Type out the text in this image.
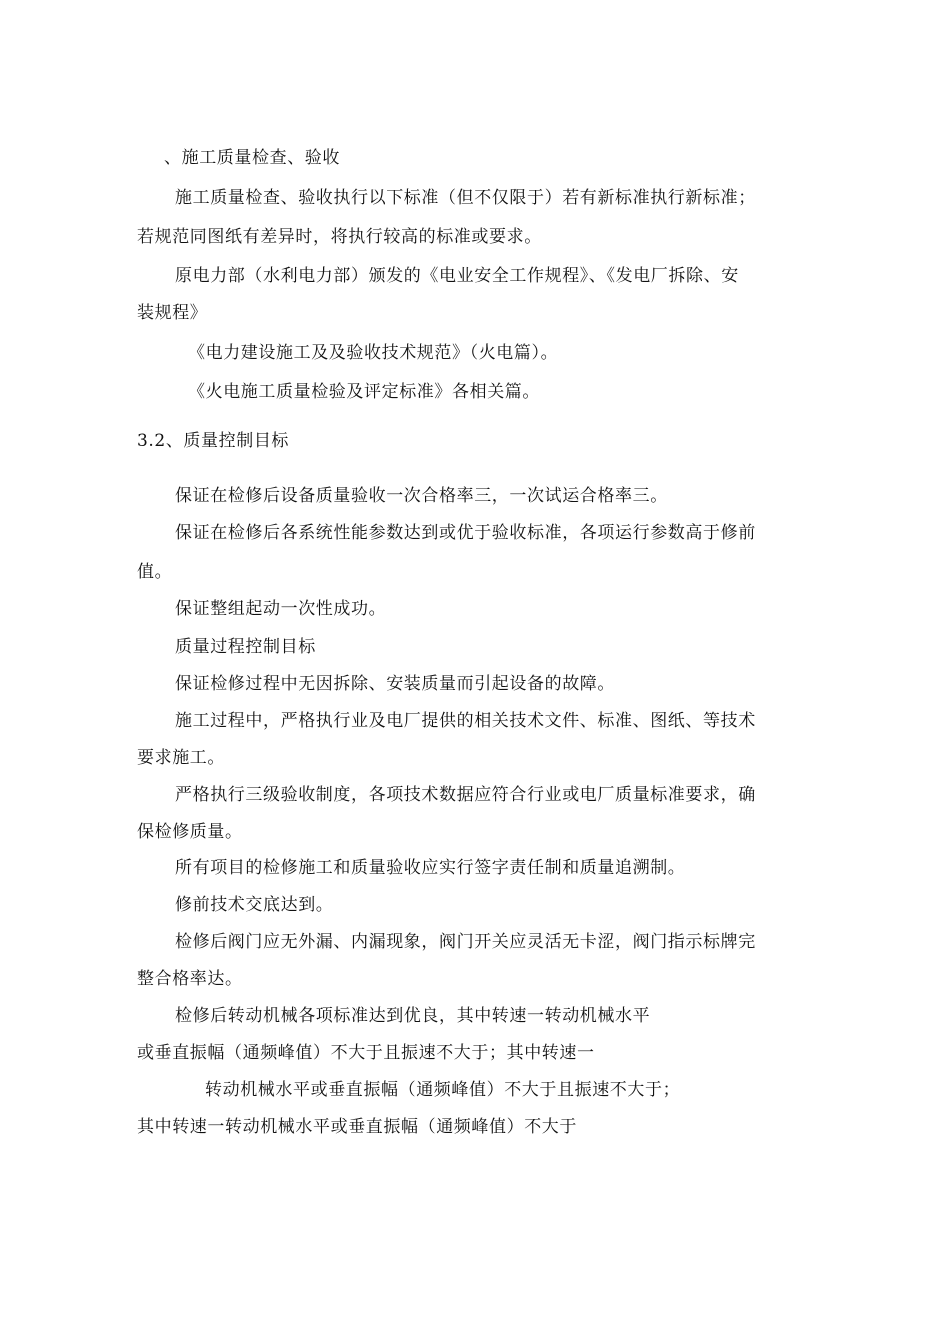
、施工质量检查、验收
施工质量检查、验收执行以下标准（但不仅限于）若有新标准执行新标准；
若规范同图纸有差异时，将执行较高的标准或要求。
原电力部（水利电力部）颁发的《电业安全工作规程》、《发电厂拆除、安
装规程》
《电力建设施工及及验收技术规范》（火电篇）。
《火电施工质量检验及评定标准》各相关篇。
3.2、质量控制目标
保证在检修后设备质量验收一次合格率三，一次试运合格率三。
保证在检修后各系统性能参数达到或优于验收标准，各项运行参数高于修前
值。
保证整组起动一次性成功。
质量过程控制目标
保证检修过程中无因拆除、安装质量而引起设备的故障。
施工过程中，严格执行业及电厂提供的相关技术文件、标准、图纸、等技术
要求施工。
严格执行三级验收制度，各项技术数据应符合行业或电厂质量标准要求，确
保检修质量。
所有项目的检修施工和质量验收应实行签字责任制和质量追溯制。
修前技术交底达到。
检修后阀门应无外漏、内漏现象，阀门开关应灵活无卡涩，阀门指示标牌完
整合格率达。
检修后转动机械各项标准达到优良，其中转速一转动机械水平
或垂直振幅（通频峰值）不大于且振速不大于；其中转速一
转动机械水平或垂直振幅（通频峰值）不大于且振速不大于；
其中转速一转动机械水平或垂直振幅（通频峰值）不大于
